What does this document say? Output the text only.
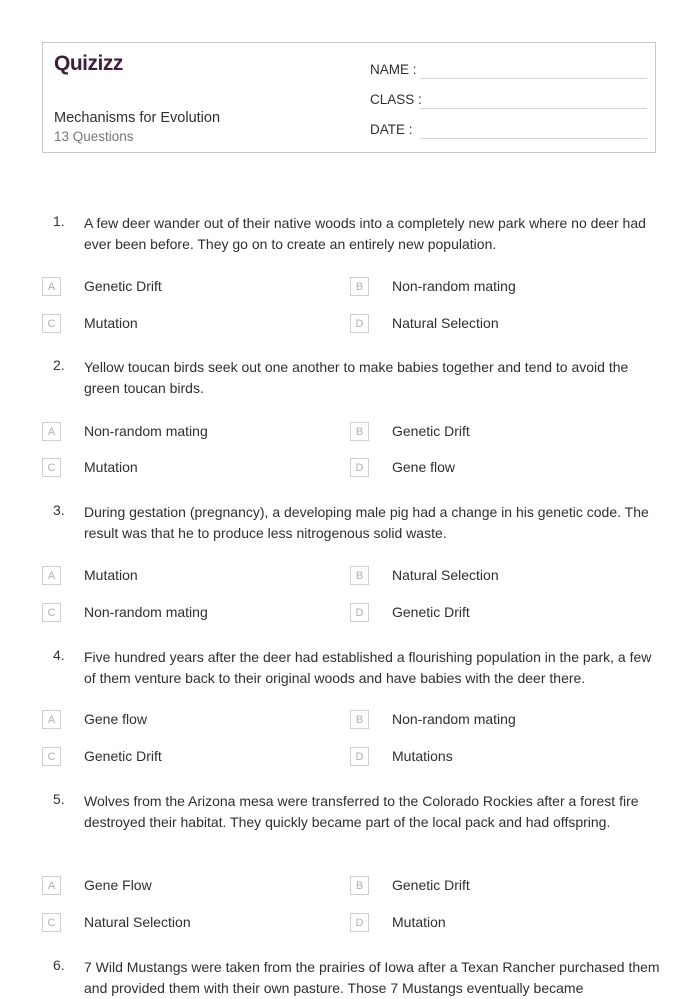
Quizizz
Mechanisms for Evolution
13 Questions
NAME :
CLASS :
DATE :
1. A few deer wander out of their native woods into a completely new park where no deer had ever been before. They go on to create an entirely new population.
A	Genetic Drift	B	Non-random mating
C	Mutation	D	Natural Selection
2. Yellow toucan birds seek out one another to make babies together and tend to avoid the green toucan birds.
A	Non-random mating	B	Genetic Drift
C	Mutation	D	Gene flow
3. During gestation (pregnancy), a developing male pig had a change in his genetic code. The result was that he to produce less nitrogenous solid waste.
A	Mutation	B	Natural Selection
C	Non-random mating	D	Genetic Drift
4. Five hundred years after the deer had established a flourishing population in the park, a few of them venture back to their original woods and have babies with the deer there.
A	Gene flow	B	Non-random mating
C	Genetic Drift	D	Mutations
5. Wolves from the Arizona mesa were transferred to the Colorado Rockies after a forest fire destroyed their habitat. They quickly became part of the local pack and had offspring.
A	Gene Flow	B	Genetic Drift
C	Natural Selection	D	Mutation
6. 7 Wild Mustangs were taken from the prairies of Iowa after a Texan Rancher purchased them and provided them with their own pasture. Those 7 Mustangs eventually became
